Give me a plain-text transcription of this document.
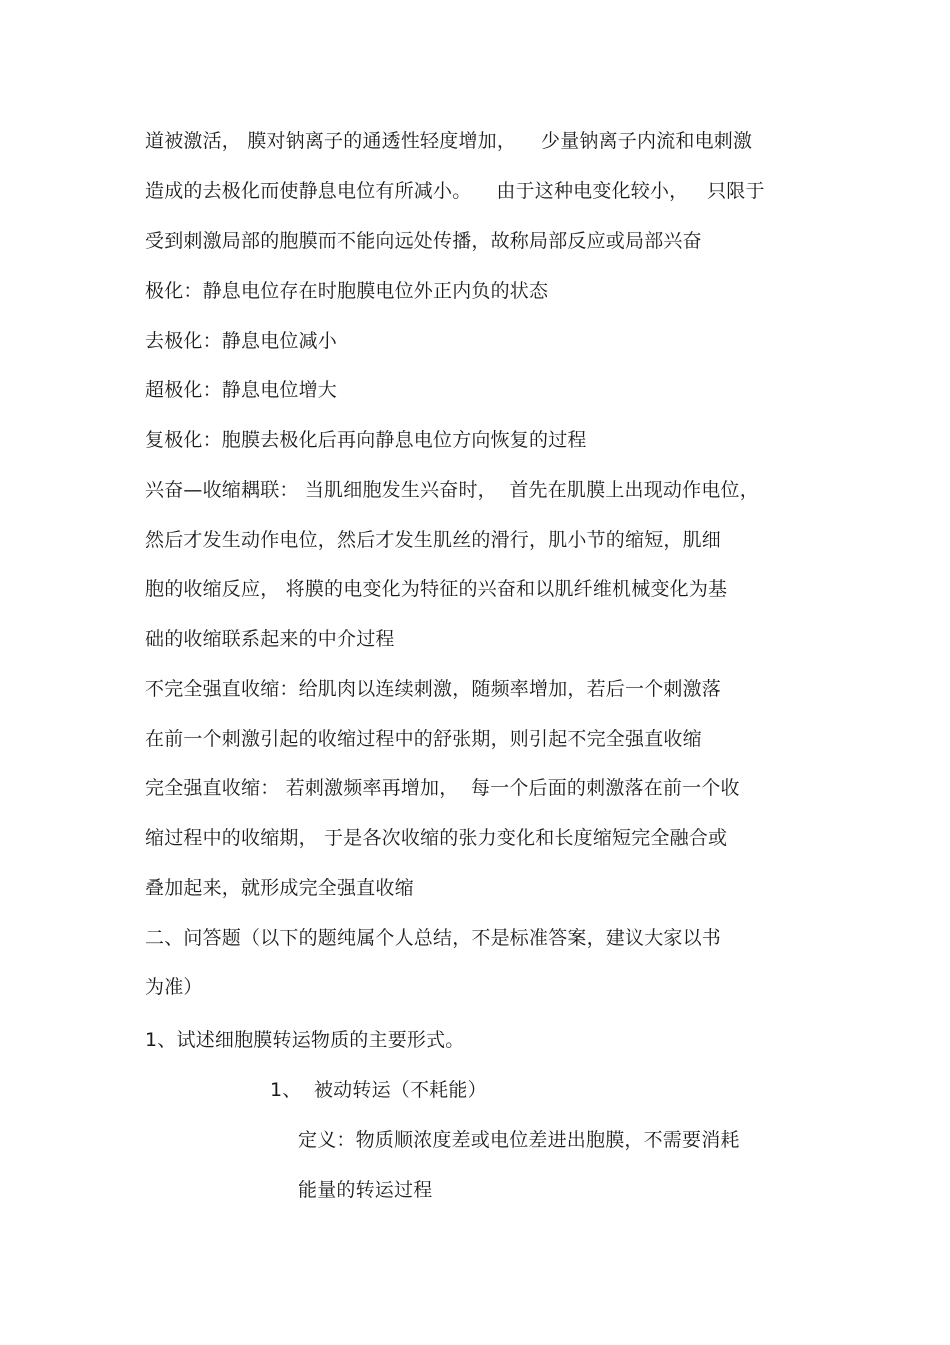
道被激活， 膜对钠离子的通透性轻度增加，    少量钠离子内流和电刺激
造成的去极化而使静息电位有所减小。    由于这种电变化较小，   只限于
受到刺激局部的胞膜而不能向远处传播，故称局部反应或局部兴奋
极化：静息电位存在时胞膜电位外正内负的状态
去极化：静息电位减小
超极化：静息电位增大
复极化：胞膜去极化后再向静息电位方向恢复的过程
兴奋—收缩耦联： 当肌细胞发生兴奋时，  首先在肌膜上出现动作电位，
然后才发生动作电位，然后才发生肌丝的滑行，肌小节的缩短，肌细
胞的收缩反应， 将膜的电变化为特征的兴奋和以肌纤维机械变化为基
础的收缩联系起来的中介过程
不完全强直收缩：给肌肉以连续刺激，随频率增加，若后一个刺激落
在前一个刺激引起的收缩过程中的舒张期，则引起不完全强直收缩
完全强直收缩： 若刺激频率再增加，  每一个后面的刺激落在前一个收
缩过程中的收缩期， 于是各次收缩的张力变化和长度缩短完全融合或
叠加起来，就形成完全强直收缩
二、问答题（以下的题纯属个人总结，不是标准答案，建议大家以书
为准）
1、试述细胞膜转运物质的主要形式。
1、  被动转运（不耗能）
定义：物质顺浓度差或电位差进出胞膜，不需要消耗
能量的转运过程
